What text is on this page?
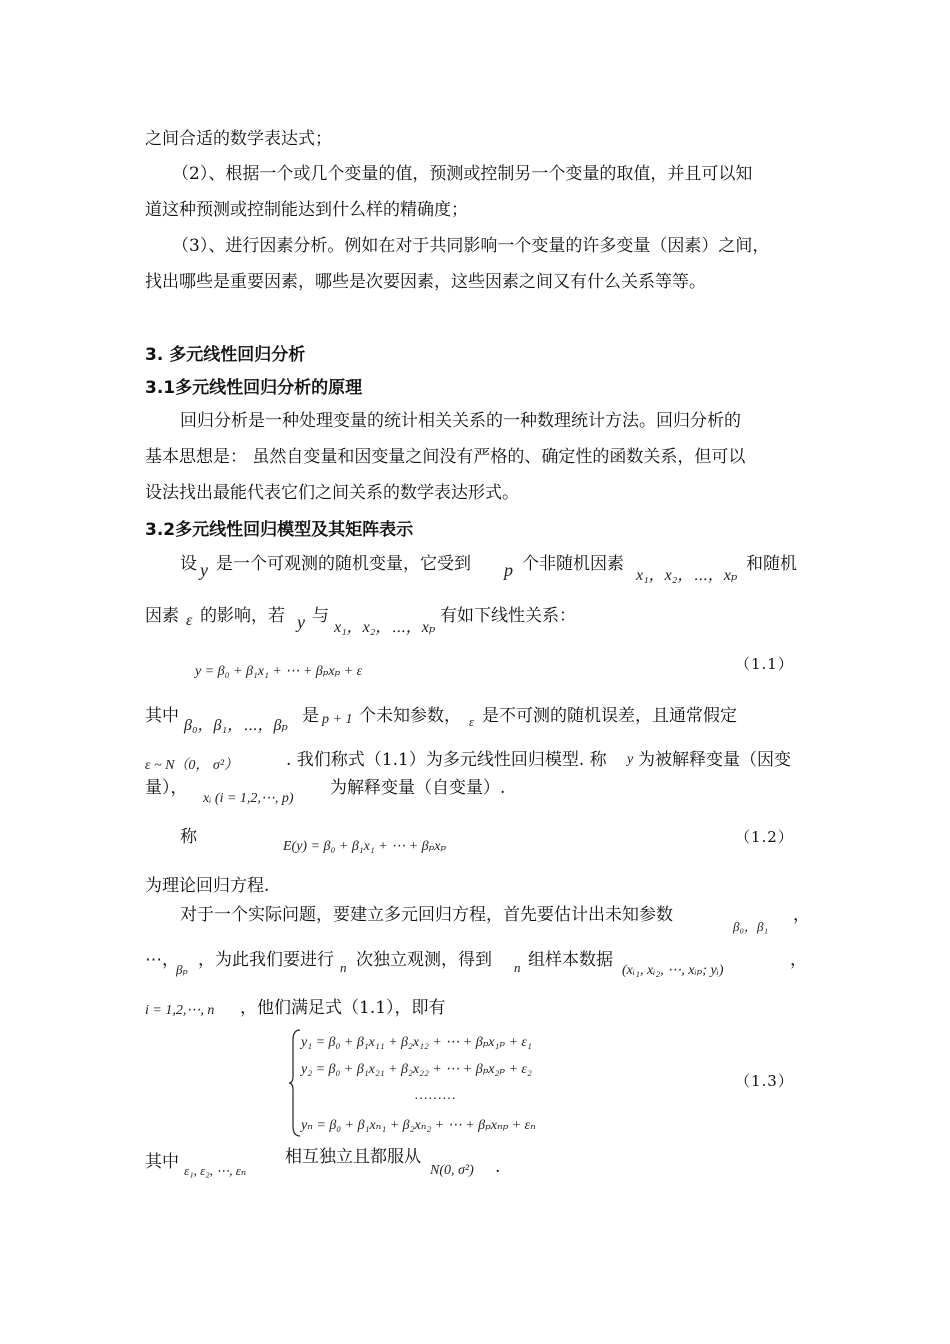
之间合适的数学表达式；
（2）、根据一个或几个变量的值，预测或控制另一个变量的取值，并且可以知
道这种预测或控制能达到什么样的精确度；
（3）、进行因素分析。例如在对于共同影响一个变量的许多变量（因素）之间，
找出哪些是重要因素，哪些是次要因素，这些因素之间又有什么关系等等。
3. 多元线性回归分析
3.1多元线性回归分析的原理
回归分析是一种处理变量的统计相关关系的一种数理统计方法。回归分析的
基本思想是： 虽然自变量和因变量之间没有严格的、确定性的函数关系，但可以
设法找出最能代表它们之间关系的数学表达形式。
3.2多元线性回归模型及其矩阵表示
设 y 是一个可观测的随机变量，它受到 p 个非随机因素
x₁，x₂，⋯，xₚ
和随机
因素 ε 的影响，若 y 与
x₁，x₂，⋯，xₚ
有如下线性关系：
y = β₀ + β₁x₁ + ⋯ + βₚxₚ + ε	（1.1）
其中 β₀，β₁，⋯，βₚ 是 p + 1 个未知参数， ε 是不可测的随机误差，且通常假定
ε ~ N（0， σ²）	. 我们称式（1.1）为多元线性回归模型. 称 y 为被解释变量（因变
量），
xᵢ (i = 1,2,⋯, p)
为解释变量（自变量）.
称	E(y) = β₀ + β₁x₁ + ⋯ + βₚxₚ
（1.2）
为理论回归方程.
对于一个实际问题，要建立多元回归方程，首先要估计出未知参数
β₀，β₁
，
⋯，
βₚ ，为此我们要进行 n 次独立观测，得到 n 组样本数据
(xᵢ₁, xᵢ₂, ⋯, xᵢₚ; yᵢ)
，
i = 1,2,⋯, n ，他们满足式（1.1），即有
y₁ = β₀ + β₁x₁₁ + β₂x₁₂ + ⋯ + βₚx₁ₚ + ε₁
y₂ = β₀ + β₁x₂₁ + β₂x₂₂ + ⋯ + βₚx₂ₚ + ε₂
………
yₙ = β₀ + β₁xₙ₁ + β₂xₙ₂ + ⋯ + βₚxₙₚ + εₙ
（1.3）
其中 ε₁, ε₂, ⋯, εₙ
相互独立且都服从
N(0, σ²) .
